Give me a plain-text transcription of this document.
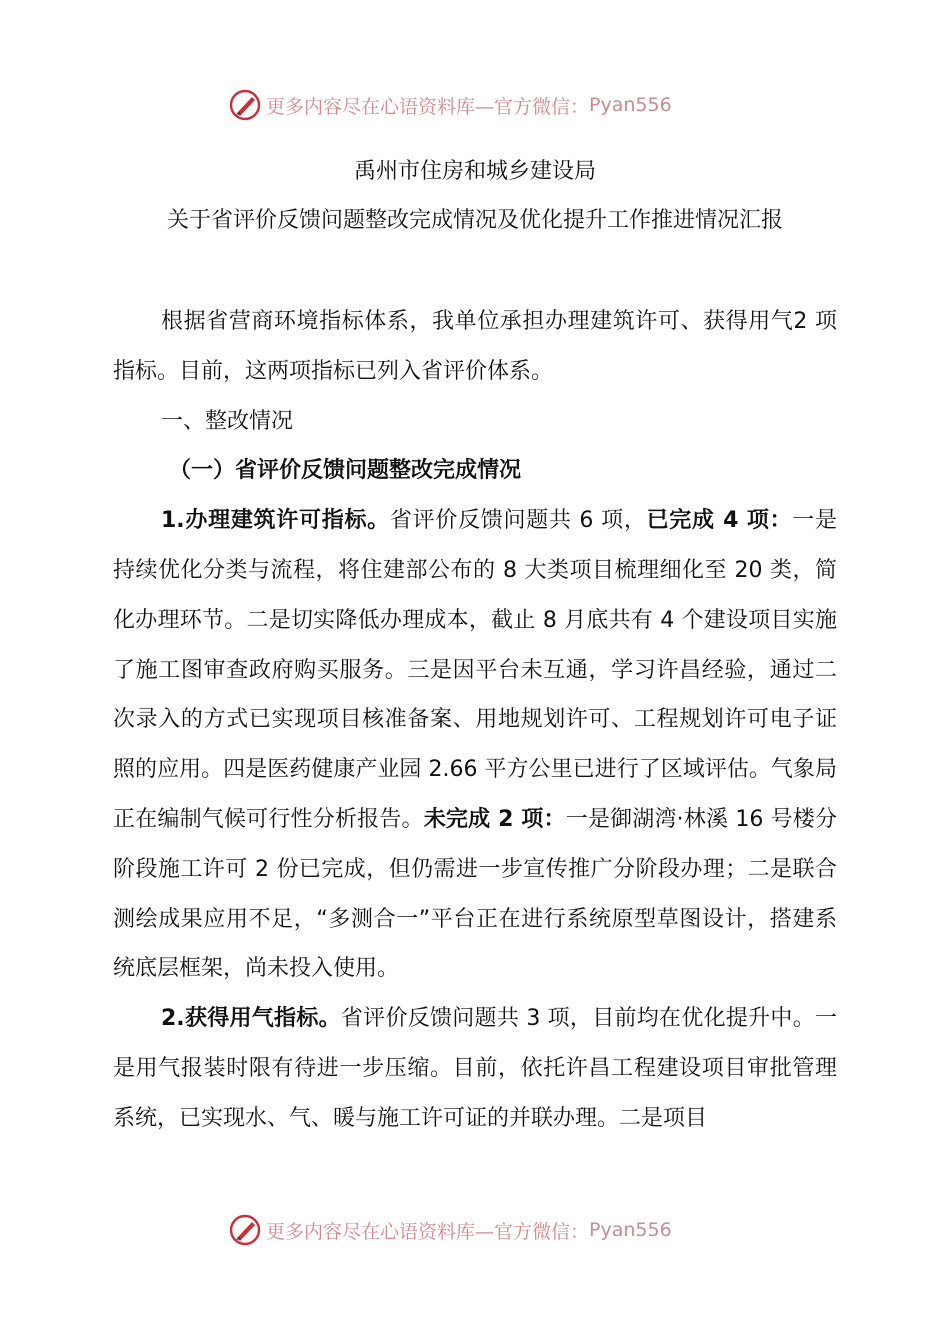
更多内容尽在心语资料库—官方微信： Pyan556
禹州市住房和城乡建设局
关于省评价反馈问题整改完成情况及优化提升工作推进情况汇报

根据省营商环境指标体系，我单位承担办理建筑许可、获得用气2 项指标。目前，这两项指标已列入省评价体系。

一、整改情况

（一）省评价反馈问题整改完成情况

1.办理建筑许可指标。省评价反馈问题共 6 项，已完成 4 项：一是持续优化分类与流程，将住建部公布的 8 大类项目梳理细化至 20 类，简化办理环节。二是切实降低办理成本，截止 8 月底共有 4 个建设项目实施了施工图审查政府购买服务。三是因平台未互通，学习许昌经验，通过二次录入的方式已实现项目核准备案、用地规划许可、工程规划许可电子证照的应用。四是医药健康产业园 2.66 平方公里已进行了区域评估。气象局正在编制气候可行性分析报告。未完成 2 项：一是御湖湾·林溪 16 号楼分阶段施工许可 2 份已完成，但仍需进一步宣传推广分阶段办理；二是联合测绘成果应用不足，“多测合一”平台正在进行系统原型草图设计，搭建系统底层框架，尚未投入使用。

2.获得用气指标。省评价反馈问题共 3 项，目前均在优化提升中。一是用气报装时限有待进一步压缩。目前，依托许昌工程建设项目审批管理系统，已实现水、气、暖与施工许可证的并联办理。二是项目

更多内容尽在心语资料库—官方微信： Pyan556
